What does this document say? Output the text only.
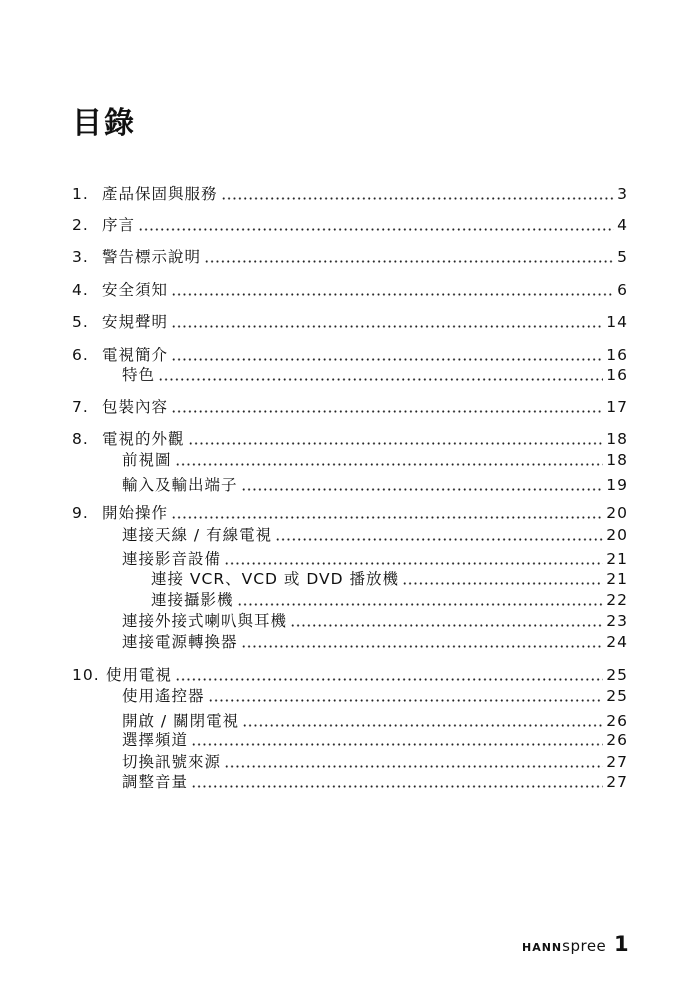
目錄
1. 產品保固與服務	3
2. 序言	4
3. 警告標示說明	5
4. 安全須知	6
5. 安規聲明	14
6. 電視簡介	16
特色	16
7. 包裝內容	17
8. 電視的外觀	18
前視圖	18
輸入及輸出端子	19
9. 開始操作	20
連接天線 / 有線電視	20
連接影音設備	21
連接 VCR、VCD 或 DVD 播放機	21
連接攝影機	22
連接外接式喇叭與耳機	23
連接電源轉換器	24
10. 使用電視	25
使用遙控器	25
開啟 / 關閉電視	26
選擇頻道	26
切換訊號來源	27
調整音量	27
HANNspree 1
